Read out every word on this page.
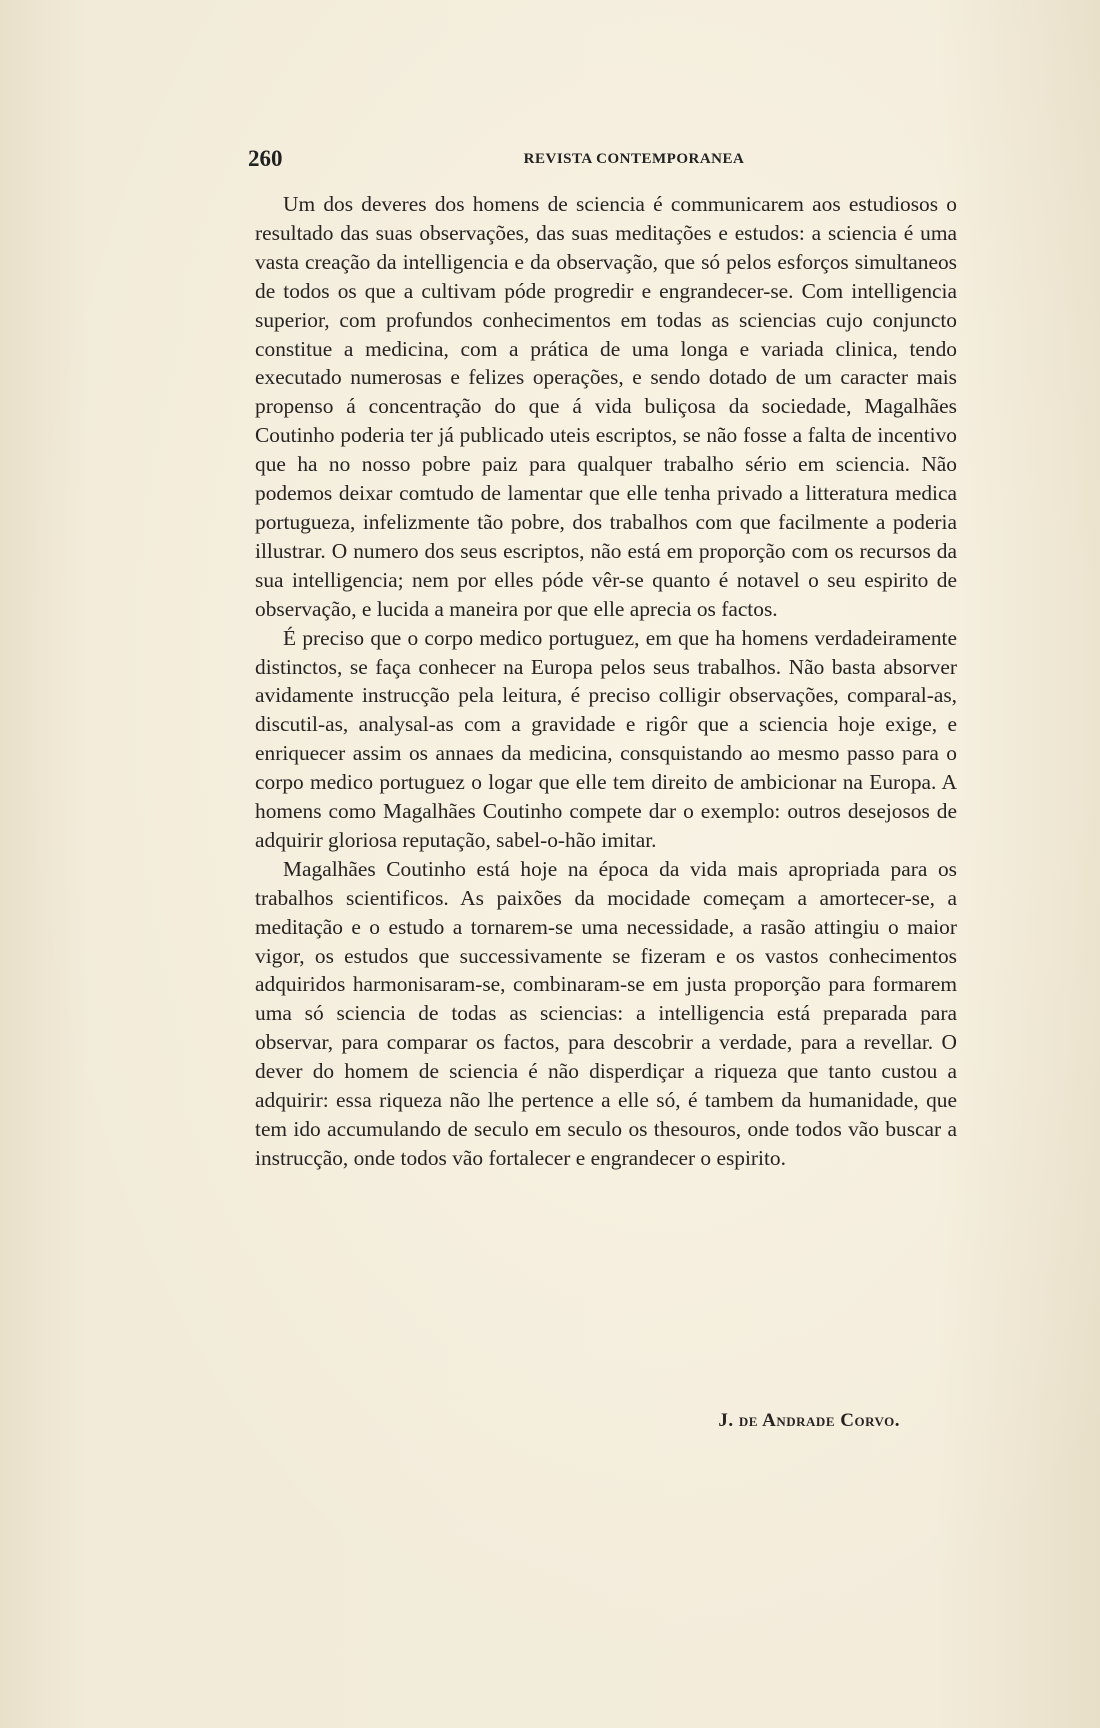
260	REVISTA CONTEMPORANEA

Um dos deveres dos homens de sciencia é communicarem aos estudiosos o resultado das suas observações, das suas meditações e estudos: a sciencia é uma vasta creação da intelligencia e da observação, que só pelos esforços simultaneos de todos os que a cultivam póde progredir e engrandecer-se. Com intelligencia superior, com profundos conhecimentos em todas as sciencias cujo conjuncto constitue a medicina, com a prática de uma longa e variada clinica, tendo executado numerosas e felizes operações, e sendo dotado de um caracter mais propenso á concentração do que á vida buliçosa da sociedade, Magalhães Coutinho poderia ter já publicado uteis escriptos, se não fosse a falta de incentivo que ha no nosso pobre paiz para qualquer trabalho sério em sciencia. Não podemos deixar comtudo de lamentar que elle tenha privado a litteratura medica portugueza, infelizmente tão pobre, dos trabalhos com que facilmente a poderia illustrar. O numero dos seus escriptos, não está em proporção com os recursos da sua intelligencia; nem por elles póde vêr-se quanto é notavel o seu espirito de observação, e lucida a maneira por que elle aprecia os factos.

É preciso que o corpo medico portuguez, em que ha homens verdadeiramente distinctos, se faça conhecer na Europa pelos seus trabalhos. Não basta absorver avidamente instrucção pela leitura, é preciso colligir observações, comparal-as, discutil-as, analysal-as com a gravidade e rigôr que a sciencia hoje exige, e enriquecer assim os annaes da medicina, consquistando ao mesmo passo para o corpo medico portuguez o logar que elle tem direito de ambicionar na Europa. A homens como Magalhães Coutinho compete dar o exemplo: outros desejosos de adquirir gloriosa reputação, sabel-o-hão imitar.

Magalhães Coutinho está hoje na época da vida mais apropriada para os trabalhos scientificos. As paixões da mocidade começam a amortecer-se, a meditação e o estudo a tornarem-se uma necessidade, a rasão attingiu o maior vigor, os estudos que successivamente se fizeram e os vastos conhecimentos adquiridos harmonisaram-se, combinaram-se em justa proporção para formarem uma só sciencia de todas as sciencias: a intelligencia está preparada para observar, para comparar os factos, para descobrir a verdade, para a revellar. O dever do homem de sciencia é não disperdiçar a riqueza que tanto custou a adquirir: essa riqueza não lhe pertence a elle só, é tambem da humanidade, que tem ido accumulando de seculo em seculo os thesouros, onde todos vão buscar a instrucção, onde todos vão fortalecer e engrandecer o espirito.

J. de Andrade Corvo.
